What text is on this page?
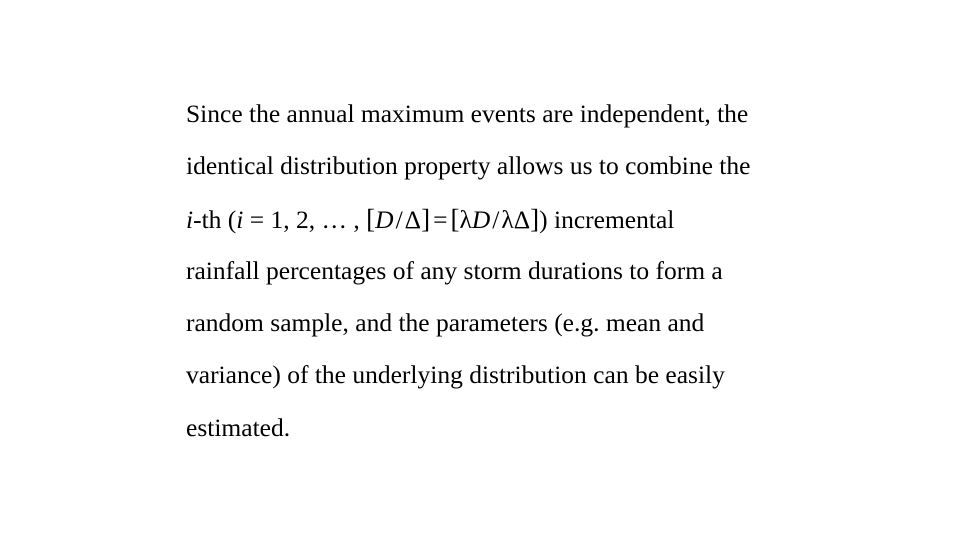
Since the annual maximum events are independent, the
identical distribution property allows us to combine the
i-th (i = 1, 2, … , [D/Δ] = [λD/λΔ]) incremental
rainfall percentages of any storm durations to form a
random sample, and the parameters (e.g. mean and
variance) of the underlying distribution can be easily
estimated.
